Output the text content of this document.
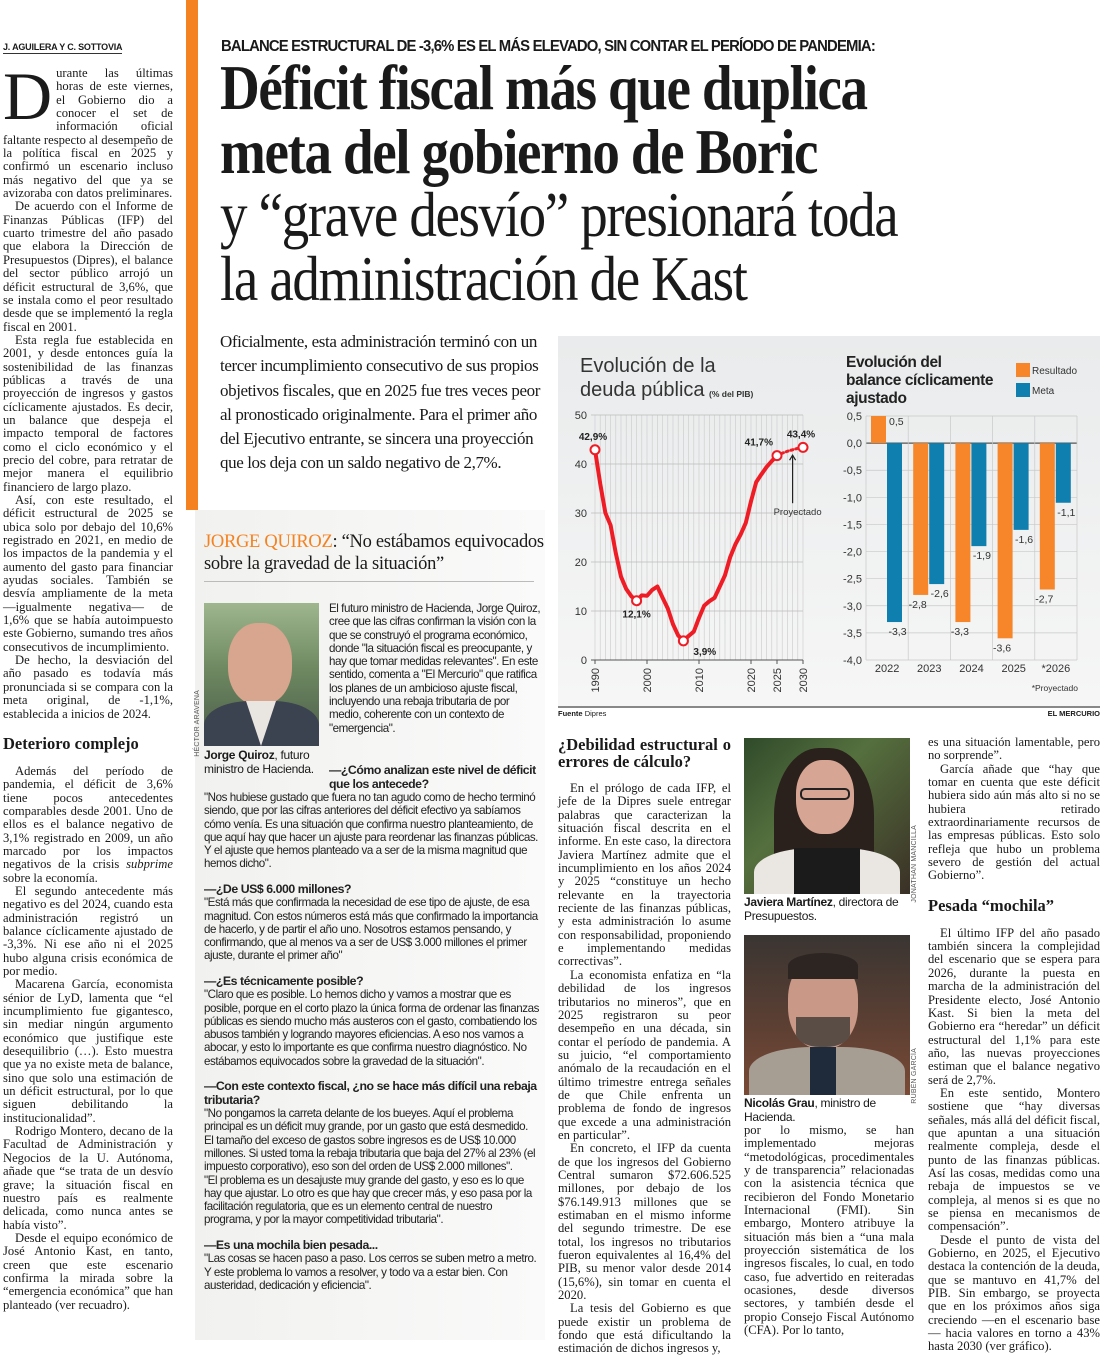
J. AGUILERA Y C. SOTTOVIA

Durante las últimas horas de este viernes, el Gobierno dio a conocer el set de información oficial faltante respecto al desempeño de la política fiscal en 2025 y confirmó un escenario incluso más negativo del que ya se avizoraba con datos preliminares.

De acuerdo con el Informe de Finanzas Públicas (IFP) del cuarto trimestre del año pasado que elabora la Dirección de Presupuestos (Dipres), el balance del sector público arrojó un déficit estructural de 3,6%, que se instala como el peor resultado desde que se implementó la regla fiscal en 2001.

Esta regla fue establecida en 2001, y desde entonces guía la sostenibilidad de las finanzas públicas a través de una proyección de ingresos y gastos cíclicamente ajustados. Es decir, un balance que despeja el impacto temporal de factores como el ciclo económico y el precio del cobre, para retratar de mejor manera el equilibrio financiero de largo plazo.

Así, con este resultado, el déficit estructural de 2025 se ubica solo por debajo del 10,6% registrado en 2021, en medio de los impactos de la pandemia y el aumento del gasto para financiar ayudas sociales. También se desvía ampliamente de la meta —igualmente negativa— de 1,6% que se había autoimpuesto este Gobierno, sumando tres años consecutivos de incumplimiento.

De hecho, la desviación del año pasado es todavía más pronunciada si se compara con la meta original, de -1,1%, establecida a inicios de 2024.

Deterioro complejo

Además del período de pandemia, el déficit de 3,6% tiene pocos antecedentes comparables desde 2001. Uno de ellos es el balance negativo de 3,1% registrado en 2009, un año marcado por los impactos negativos de la crisis subprime sobre la economía.

El segundo antecedente más negativo es del 2024, cuando esta administración registró un balance cíclicamente ajustado de -3,3%. Ni ese año ni el 2025 hubo alguna crisis económica de por medio.

Macarena García, economista sénior de LyD, lamenta que “el incumplimiento fue gigantesco, sin mediar ningún argumento económico que justifique este desequilibrio (…). Esto muestra que ya no existe meta de balance, sino que solo una estimación de un déficit estructural, por lo que siguen debilitando la institucionalidad”.

Rodrigo Montero, decano de la Facultad de Administración y Negocios de la U. Autónoma, añade que “se trata de un desvío grave; la situación fiscal en nuestro país es realmente delicada, como nunca antes se había visto”.

Desde el equipo económico de José Antonio Kast, en tanto, creen que este escenario confirma la mirada sobre la “emergencia económica” que han planteado (ver recuadro).

BALANCE ESTRUCTURAL DE -3,6% ES EL MÁS ELEVADO, SIN CONTAR EL PERÍODO DE PANDEMIA:
Déficit fiscal más que duplica
meta del gobierno de Boric
y “grave desvío” presionará toda
la administración de Kast
Oficialmente, esta administración terminó con un tercer incumplimiento consecutivo de sus propios objetivos fiscales, que en 2025 fue tres veces peor al pronosticado originalmente. Para el primer año del Ejecutivo entrante, se sincera una proyección que los deja con un saldo negativo de 2,7%.
JORGE QUIROZ: “No estábamos equivocados sobre la gravedad de la situación”
HÉCTOR ARAVENA Jorge Quiroz, futuro ministro de Hacienda.
El futuro ministro de Hacienda, Jorge Quiroz, cree que las cifras confirman la visión con la que se construyó el programa económico, donde "la situación fiscal es preocupante, y hay que tomar medidas relevantes". En este sentido, comenta a "El Mercurio" que ratifica los planes de un ambicioso ajuste fiscal, incluyendo una rebaja tributaria de por medio, coherente con un contexto de "emergencia".
—¿Cómo analizan este nivel de déficit que los antecede?
"Nos hubiese gustado que fuera no tan agudo como de hecho terminó siendo, que por las cifras anteriores del déficit efectivo ya sabíamos cómo venía. Es una situación que confirma nuestro planteamiento, de que aquí hay que hacer un ajuste para reordenar las finanzas públicas. Y el ajuste que hemos planteado va a ser de la misma magnitud que hemos dicho".
—¿De US$ 6.000 millones?
"Está más que confirmada la necesidad de ese tipo de ajuste, de esa magnitud. Con estos números está más que confirmado la importancia de hacerlo, y de partir el año uno. Nosotros estamos pensando, y confirmando, que al menos va a ser de US$ 3.000 millones el primer ajuste, durante el primer año"
—¿Es técnicamente posible?
"Claro que es posible. Lo hemos dicho y vamos a mostrar que es posible, porque en el corto plazo la única forma de ordenar las finanzas públicas es siendo mucho más austeros con el gasto, combatiendo los abusos también y logrando mayores eficiencias. A eso nos vamos a abocar, y esto lo importante es que confirma nuestro diagnóstico. No estábamos equivocados sobre la gravedad de la situación".
—Con este contexto fiscal, ¿no se hace más difícil una rebaja tributaria?
"No pongamos la carreta delante de los bueyes. Aquí el problema principal es un déficit muy grande, por un gasto que está desmedido. El tamaño del exceso de gastos sobre ingresos es de US$ 10.000 millones. Si usted toma la rebaja tributaria que baja del 27% al 23% (el impuesto corporativo), eso son del orden de US$ 2.000 millones".
"El problema es un desajuste muy grande del gasto, y eso es lo que hay que ajustar. Lo otro es que hay que crecer más, y eso pasa por la facilitación regulatoria, que es un elemento central de nuestro programa, y por la mayor competitividad tributaria".
—Es una mochila bien pesada...
"Las cosas se hacen paso a paso. Los cerros se suben metro a metro. Y este problema lo vamos a resolver, y todo va a estar bien. Con austeridad, dedicación y eficiencia".
Evolución de la
deuda pública (% del PIB)
0
10
20
30
40
50
1990	2000	2010	2020 2025 2030
42,9%
12,1%
3,9%
41,7%
43,4%
Proyectado
Evolución del
balance cíclicamente
ajustado
Resultado
Meta
0,5
0,0
-0,5
-1,0
-1,5
-2,0
-2,5
-3,0
-3,5
-4,0
2022
0,5
-3,3
2023
-2,8
-2,6
2024
-3,3
-1,9
2025
-3,6
-1,6
*2026
-2,7
-1,1
*Proyectado
Fuente Dipres	EL MERCURIO
¿Debilidad estructural o errores de cálculo?

En el prólogo de cada IFP, el jefe de la Dipres suele entregar palabras que caracterizan la situación fiscal descrita en el informe. En este caso, la directora Javiera Martínez admite que el incumplimiento en los años 2024 y 2025 “constituye un hecho relevante en la trayectoria reciente de las finanzas públicas, y esta administración lo asume con responsabilidad, proponiendo e implementando medidas correctivas”.

La economista enfatiza en “la debilidad de los ingresos tributarios no mineros”, que en 2025 registraron su peor desempeño en una década, sin contar el período de pandemia. A su juicio, “el comportamiento anómalo de la recaudación en el último trimestre entrega señales de que Chile enfrenta un problema de fondo de ingresos que excede a una administración en particular”.

En concreto, el IFP da cuenta de que los ingresos del Gobierno Central sumaron $72.606.525 millones, por debajo de los $76.149.913 millones que se estimaban en el mismo informe del segundo trimestre. De ese total, los ingresos no tributarios fueron equivalentes al 16,4% del PIB, su menor valor desde 2014 (15,6%), sin tomar en cuenta el 2020.

La tesis del Gobierno es que puede existir un problema de fondo que está dificultando la estimación de dichos ingresos y,

JONATHAN MANCILLA
Javiera Martínez, directora de Presupuestos.
RUBÉN GARCÍA
Nicolás Grau, ministro de Hacienda.

por lo mismo, se han implementado mejoras “metodológicas, procedimentales y de transparencia” relacionadas con la asistencia técnica que recibieron del Fondo Monetario Internacional (FMI). Sin embargo, Montero atribuye la situación más bien a “una mala proyección sistemática de los ingresos fiscales, lo cual, en todo caso, fue advertido en reiteradas ocasiones, desde diversos sectores, y también desde el propio Consejo Fiscal Autónomo (CFA). Por lo tanto,

es una situación lamentable, pero no sorprende”.

García añade que “hay que tomar en cuenta que este déficit hubiera sido aún más alto si no se hubiera retirado extraordinariamente recursos de las empresas públicas. Esto solo refleja que hubo un problema severo de gestión del actual Gobierno”.

Pesada “mochila”

El último IFP del año pasado también sincera la complejidad del escenario que se espera para 2026, durante la puesta en marcha de la administración del Presidente electo, José Antonio Kast. Si bien la meta del Gobierno era “heredar” un déficit estructural del 1,1% para este año, las nuevas proyecciones estiman que el balance negativo será de 2,7%.

En este sentido, Montero sostiene que “hay diversas señales, más allá del déficit fiscal, que apuntan a una situación realmente compleja, desde el punto de las finanzas públicas. Así las cosas, medidas como una rebaja de impuestos se ve compleja, al menos si es que no se piensa en mecanismos de compensación”.

Desde el punto de vista del Gobierno, en 2025, el Ejecutivo destaca la contención de la deuda, que se mantuvo en 41,7% del PIB. Sin embargo, se proyecta que en los próximos años siga creciendo —en el escenario base— hacia valores en torno a 43% hasta 2030 (ver gráfico).
